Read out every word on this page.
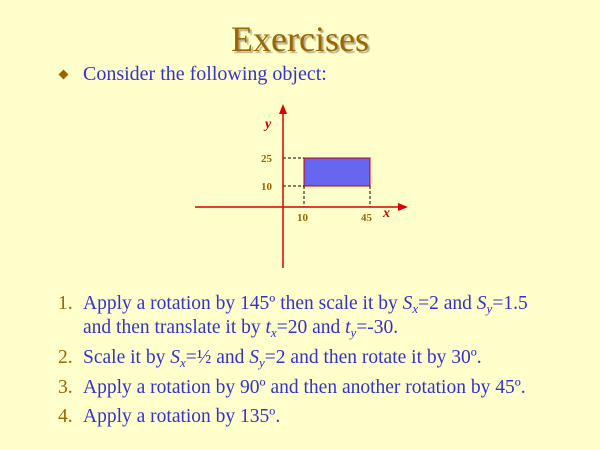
Exercises
Consider the following object:
y
x
25
10
10	45
1. Apply a rotation by 145º then scale it by $S_x=2$ and $S_y=1.5$
and then translate it by $t_x=20$ and $t_y=-30$.
2. Scale it by $S_x=\frac{1}{2}$ and $S_y=2$ and then rotate it by 30º.
3. Apply a rotation by 90º and then another rotation by 45º.
4. Apply a rotation by 135º.
